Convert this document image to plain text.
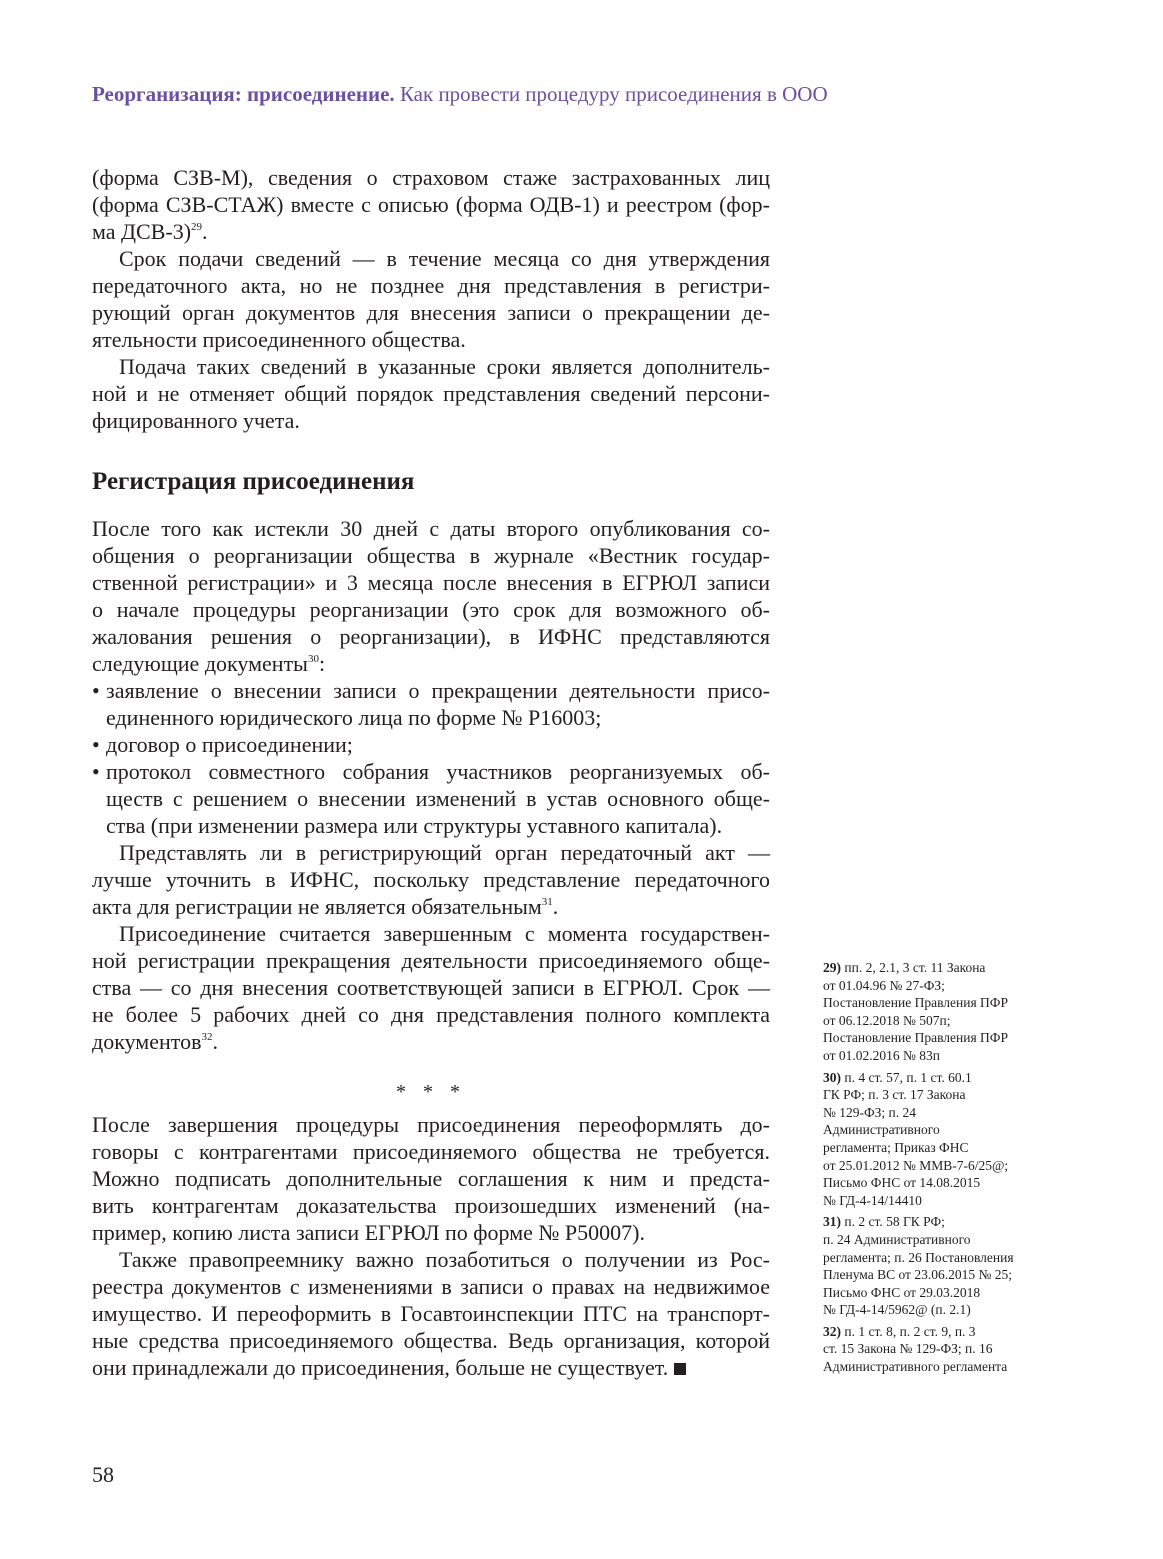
Реорганизация: присоединение. Как провести процедуру присоединения в ООО
(форма СЗВ-М), сведения о страховом стаже застрахованных лиц
(форма СЗВ-СТАЖ) вместе с описью (форма ОДВ-1) и реестром (фор-
ма ДСВ-3)$^{29}$.
Срок подачи сведений — в течение месяца со дня утверждения
передаточного акта, но не позднее дня представления в регистри-
рующий орган документов для внесения записи о прекращении де-
ятельности присоединенного общества.
Подача таких сведений в указанные сроки является дополнитель-
ной и не отменяет общий порядок представления сведений персони-
фицированного учета.
Регистрация присоединения
После того как истекли 30 дней с даты второго опубликования со-
общения о реорганизации общества в журнале «Вестник государ-
ственной регистрации» и 3 месяца после внесения в ЕГРЮЛ записи
о начале процедуры реорганизации (это срок для возможного об-
жалования решения о реорганизации), в ИФНС представляются
следующие документы$^{30}$:
• заявление о внесении записи о прекращении деятельности присо-
единенного юридического лица по форме № Р16003;
• договор о присоединении;
• протокол совместного собрания участников реорганизуемых об-
ществ с решением о внесении изменений в устав основного обще-
ства (при изменении размера или структуры уставного капитала).
Представлять ли в регистрирующий орган передаточный акт —
лучше уточнить в ИФНС, поскольку представление передаточного
акта для регистрации не является обязательным$^{31}$.
Присоединение считается завершенным с момента государствен-
ной регистрации прекращения деятельности присоединяемого обще-
ства — со дня внесения соответствующей записи в ЕГРЮЛ. Срок —
не более 5 рабочих дней со дня представления полного комплекта
документов$^{32}$.
* * *
После завершения процедуры присоединения переоформлять до-
говоры с контрагентами присоединяемого общества не требуется.
Можно подписать дополнительные соглашения к ним и предста-
вить контрагентам доказательства произошедших изменений (на-
пример, копию листа записи ЕГРЮЛ по форме № Р50007).
Также правопреемнику важно позаботиться о получении из Рос-
реестра документов с изменениями в записи о правах на недвижимое
имущество. И переоформить в Госавтоинспекции ПТС на транспорт-
ные средства присоединяемого общества. Ведь организация, которой
они принадлежали до присоединения, больше не существует.
29) пп. 2, 2.1, 3 ст. 11 Закона
от 01.04.96 № 27-ФЗ;
Постановление Правления ПФР
от 06.12.2018 № 507п;
Постановление Правления ПФР
от 01.02.2016 № 83п
30) п. 4 ст. 57, п. 1 ст. 60.1
ГК РФ; п. 3 ст. 17 Закона
№ 129-ФЗ; п. 24
Административного
регламента; Приказ ФНС
от 25.01.2012 № ММВ-7-6/25@;
Письмо ФНС от 14.08.2015
№ ГД-4-14/14410
31) п. 2 ст. 58 ГК РФ;
п. 24 Административного
регламента; п. 26 Постановления
Пленума ВС от 23.06.2015 № 25;
Письмо ФНС от 29.03.2018
№ ГД-4-14/5962@ (п. 2.1)
32) п. 1 ст. 8, п. 2 ст. 9, п. 3
ст. 15 Закона № 129-ФЗ; п. 16
Административного регламента
58
